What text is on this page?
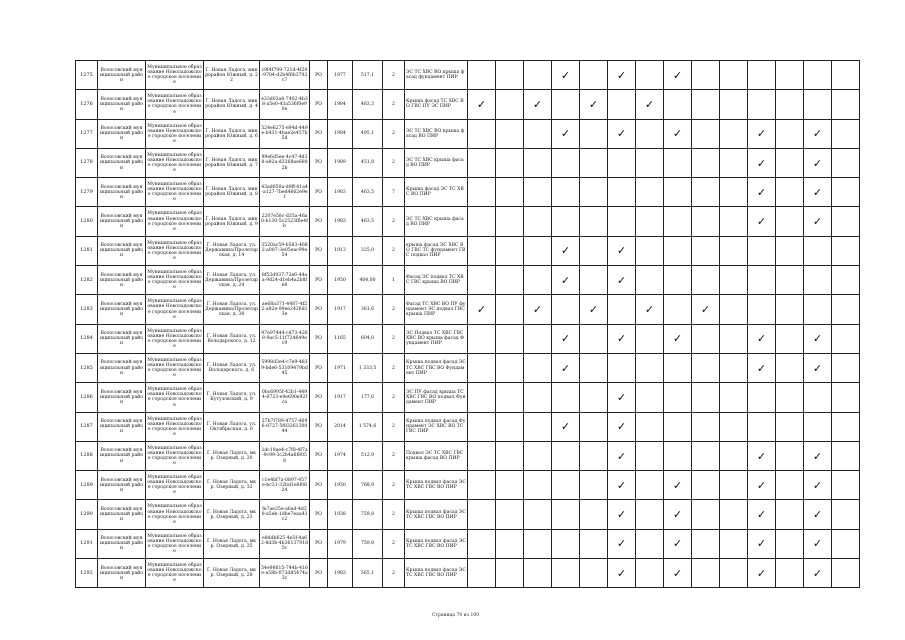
1275	Волосовский муниципальный район	Муниципальное образование Новоладожское городское поселение	Г. Новая Ладога, микрорайон Южный, д. 22	c9f4f799-721d-4f20-9784-d2b4f6b3792c7	РО	1977	517,1	2	ЭС ТС ХВС ВО крыша фасад фундамент ПИР				✓		✓		✓						
1276	Волосовский муниципальный район	Муниципальное образование Новоладожское городское поселение	Г. Новая Ладога, микрорайон Южный, д. 4	e33d03a8-7402-4b38-a5e0-43a536f0e90e	РО	1984	483,3	2	Крыша фасад ТС ХВС ВО ГВС ПУ ЭС ПИР	✓		✓		✓		✓							
1277	Волосовский муниципальный район	Муниципальное образование Новоладожское городское поселение	Г. Новая Ладога, микрорайон Южный, д. 6	524e6275-e94d-449e-b431-4bae2e457b5d	РО	1984	495,1	2	ЭС ТС ХВС ВО крыша фасад ВО ПИР				✓		✓		✓			✓		✓	
1278	Волосовский муниципальный район	Муниципальное образование Новоладожское городское поселение	Г. Новая Ладога, микрорайон Южный, д. 7	99e6d5ee-4c47-4d38-a82a-d3268ae6802b	РО	1989	451,8	2	ЭС ТС ХВС крыша фасад ВО ПИР											✓		✓	
1279	Волосовский муниципальный район	Муниципальное образование Новоладожское городское поселение	Г. Новая Ладога, микрорайон Южный, д. 8	43ad850a-d9ff-41a4-a127-7bed4662e9ef	РО	1983	463,5	7	Крыша фасад ЭС ТС ХВС ВО ПИР											✓		✓	
1280	Волосовский муниципальный район	Муниципальное образование Новоладожское городское поселение	Г. Новая Ладога, микрорайон Южный, д. 9	2207e58c-d35a-46a0-b130-5c2523f6e4fb	РО	1983	463,5	2	ЭС ТС ХВС крыша фасад ВО ПИР											✓		✓	
1281	Волосовский муниципальный район	Муниципальное образование Новоладожское городское поселение	Г. Новая Ладога, ул. Державина/Пролетарская, д. 14	3520ac59-b583-4682-a087-3e05eac99e54	РО	1913	325,0	2	крыша фасад ЭС ХВС ВО ГВС ТС фундамент ГВС подвал ПИР				✓		✓								
1282	Волосовский муниципальный район	Муниципальное образование Новоладожское городское поселение	Г. Новая Ладога, ул. Державина/Пролетарская, д. 24	8f53d937-72e6-44aa-9d24-d1eb4a2b8fe8	РО	1950	404,00	1	Фасад ЭС подвал ТС ХВС ГВС крыша ВО ПИР				✓		✓								
1283	Волосовский муниципальный район	Муниципальное образование Новоладожское городское поселение	Г. Новая Ладога, ул. Державина/Пролетарская, д. 38	ae68a371-4487-4f22-a82e-99ee2426d13e	РО	1917	361,6	2	Фасад ТС ХВС ВО ПУ фундамент ЭС подвал ГВС крыша ПИР	✓		✓		✓		✓		✓					
1284	Волосовский муниципальный район	Муниципальное образование Новоладожское городское поселение	Г. Новая Ладога, ул. Володарского, д. 12	97e97444-cd73-4268-9ac5-11f724649ec9	РО	1165	604,0	2	ЭС Подвал ТС ХВС ГВС ХВС ВО крыша фасад Фундамент ПИР				✓		✓		✓			✓		✓	
1285	Волосовский муниципальный район	Муниципальное образование Новоладожское городское поселение	Г. Новая Ладога, ул. Володарского, д. 6	5998d3e4-c7e9-4839-bde6-53109479bd45	РО	1971	1 333,5	2	Крыша подвал фасад ЭС ТС ХВС ГВС ВО Фундамент ПИР				✓							✓		✓	
1286	Волосовский муниципальный район	Муниципальное образование Новоладожское городское поселение	Г. Новая Ладога, ул. Кутузовский, д. 9	0bc6995f-42b1-4494-8723-e9e690e92fca	РО	1917	177,6	2	ЭС ПУ фасад крыша ТС ХВС ГВС ВО подвал Фундамент ПИР						✓								
1287	Волосовский муниципальный район	Муниципальное образование Новоладожское городское поселение	Г. Новая Ладога, ул. Октябрьская, д. 6	27b7f789-4757-4096-8727-5f8326130044	РО	2014	1 574,6	2	Крыша подвал фасад Фундамент ЭС ХВС ВО ТС ГВС ПИР				✓		✓								
1288	Волосовский муниципальный район	Муниципальное образование Новоладожское городское поселение	Г. Новая Ладога, мкр. Озерный, д. 20	2dc18ae4-c7f8-4f7a-9c99-3c2b4a6f8058	РО	1974	512,9	2	Подвал ЭС ТС ХВС ГВС крыша фасад ВО ПИР						✓					✓		✓	
1289	Волосовский муниципальный район	Муниципальное образование Новоладожское городское поселение	Г. Новая Ладога, мкр. Озерный, д. 32	c1e4bf7a-0897-457e-bc31-32bd1e8f0624	РО	1950	768,9	2	Крыша подвал фасад ЭС ТС ХВС ГВС ВО ПИР						✓		✓			✓		✓	
1290	Волосовский муниципальный район	Муниципальное образование Новоладожское городское поселение	Г. Новая Ладога, мкр. Озерный, д. 23	fe7ae25e-a6ad-4d20-a5eb-1dbe7eaa43c2	РО	1938	759,8	2	Крыша подвал фасад ЭС ТС ХВС ГВС ВО ПИР						✓		✓			✓		✓	
1291	Волосовский муниципальный район	Муниципальное образование Новоладожское городское поселение	Г. Новая Ладога, мкр. Озерный, д. 25	e8ddb625-4e5f-4a62-8d3b-4b361379185c	РО	1979	759,8	2	Крыша подвал фасад ЭС ТС ХВС ГВС ВО ПИР						✓		✓			✓		✓	
1292	Волосовский муниципальный район	Муниципальное образование Новоладожское городское поселение	Г. Новая Ладога, мкр. Озерный, д. 28	54e98615-744b-416e-a58b-073d85474a3c	РО	1983	565,1	2	Крыша подвал фасад ЭС ТС ХВС ГВС ВО ПИР						✓		✓			✓		✓	
Страница 70 из 100
